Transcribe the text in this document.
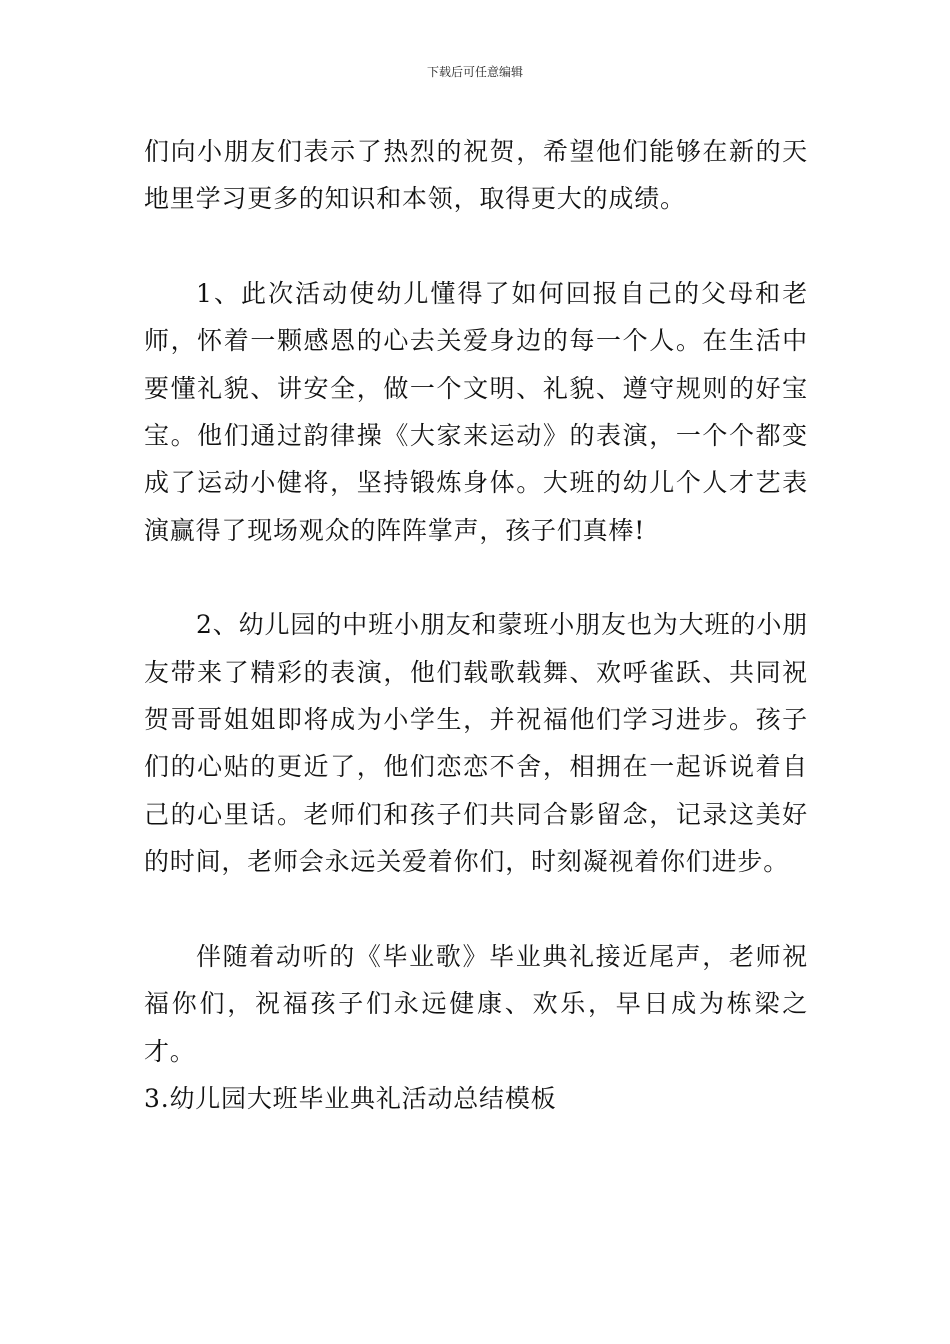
下载后可任意编辑

们向小朋友们表示了热烈的祝贺，希望他们能够在新的天地里学习更多的知识和本领，取得更大的成绩。

1、此次活动使幼儿懂得了如何回报自己的父母和老师，怀着一颗感恩的心去关爱身边的每一个人。在生活中要懂礼貌、讲安全，做一个文明、礼貌、遵守规则的好宝宝。他们通过韵律操《大家来运动》的表演，一个个都变成了运动小健将，坚持锻炼身体。大班的幼儿个人才艺表演赢得了现场观众的阵阵掌声，孩子们真棒!

2、幼儿园的中班小朋友和蒙班小朋友也为大班的小朋友带来了精彩的表演，他们载歌载舞、欢呼雀跃、共同祝贺哥哥姐姐即将成为小学生，并祝福他们学习进步。孩子们的心贴的更近了，他们恋恋不舍，相拥在一起诉说着自己的心里话。老师们和孩子们共同合影留念，记录这美好的时间，老师会永远关爱着你们，时刻凝视着你们进步。

伴随着动听的《毕业歌》毕业典礼接近尾声，老师祝福你们，祝福孩子们永远健康、欢乐，早日成为栋梁之才。

3.幼儿园大班毕业典礼活动总结模板
